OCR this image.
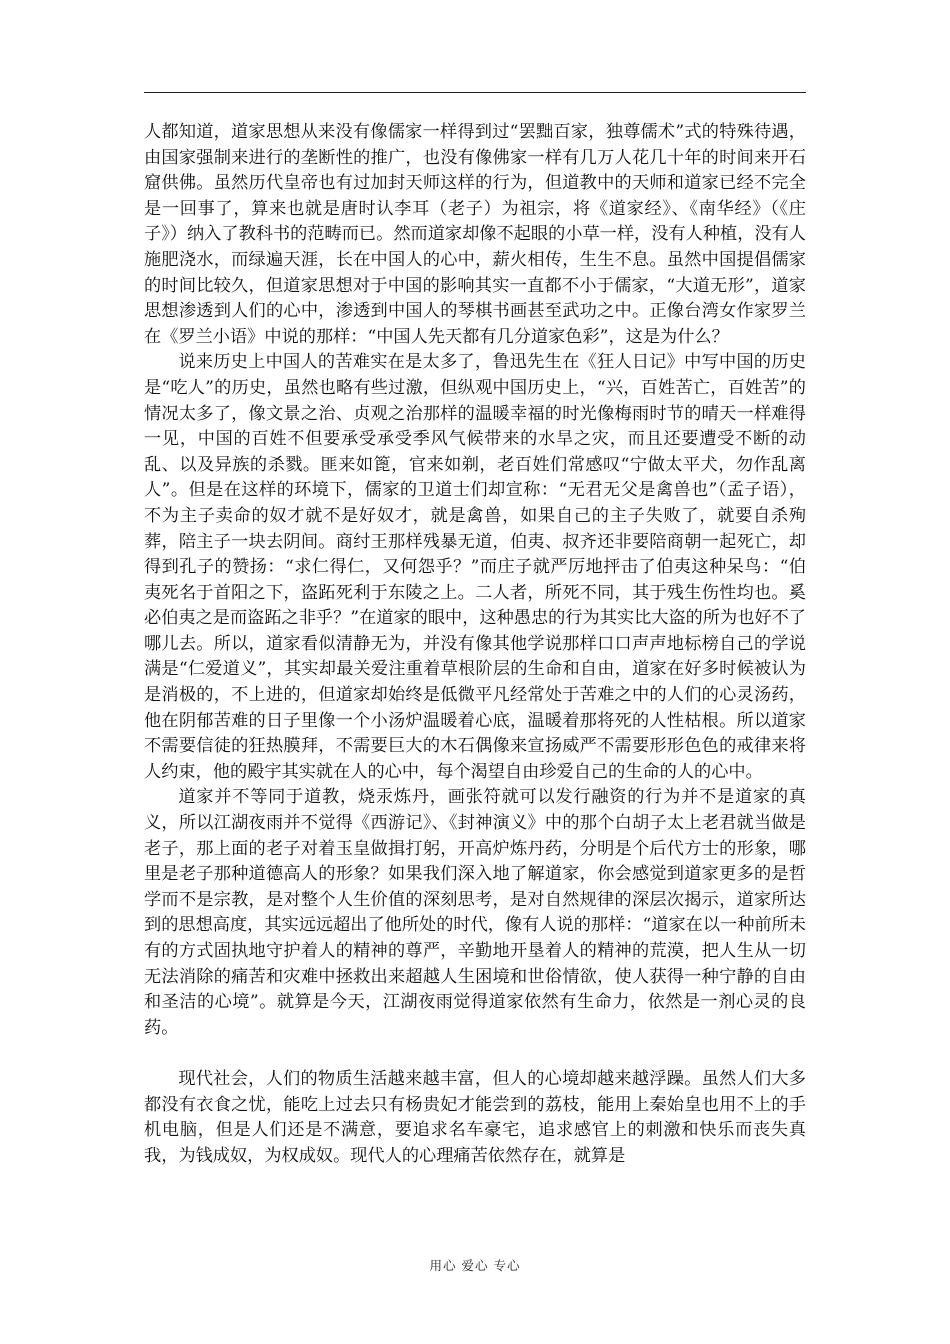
人都知道，道家思想从来没有像儒家一样得到过“罢黜百家，独尊儒术”式的特殊待遇，由国家强制来进行的垄断性的推广，也没有像佛家一样有几万人花几十年的时间来开石窟供佛。虽然历代皇帝也有过加封天师这样的行为，但道教中的天师和道家已经不完全是一回事了，算来也就是唐时认李耳（老子）为祖宗，将《道家经》、《南华经》（《庄子》）纳入了教科书的范畴而已。然而道家却像不起眼的小草一样，没有人种植，没有人施肥浇水，而绿遍天涯，长在中国人的心中，薪火相传，生生不息。虽然中国提倡儒家的时间比较久，但道家思想对于中国的影响其实一直都不小于儒家，“大道无形”，道家思想渗透到人们的心中，渗透到中国人的琴棋书画甚至武功之中。正像台湾女作家罗兰在《罗兰小语》中说的那样：“中国人先天都有几分道家色彩”，这是为什么？

说来历史上中国人的苦难实在是太多了，鲁迅先生在《狂人日记》中写中国的历史是“吃人”的历史，虽然也略有些过激，但纵观中国历史上，“兴，百姓苦亡，百姓苦”的情况太多了，像文景之治、贞观之治那样的温暖幸福的时光像梅雨时节的晴天一样难得一见，中国的百姓不但要承受承受季风气候带来的水旱之灾，而且还要遭受不断的动乱、以及异族的杀戮。匪来如篦，官来如剃，老百姓们常感叹“宁做太平犬，勿作乱离人”。但是在这样的环境下，儒家的卫道士们却宣称：“无君无父是禽兽也”（孟子语），不为主子卖命的奴才就不是好奴才，就是禽兽，如果自己的主子失败了，就要自杀殉葬，陪主子一块去阴间。商纣王那样残暴无道，伯夷、叔齐还非要陪商朝一起死亡，却得到孔子的赞扬：“求仁得仁，又何怨乎？”而庄子就严厉地抨击了伯夷这种呆鸟：“伯夷死名于首阳之下，盗跖死利于东陵之上。二人者，所死不同，其于残生伤性均也。奚必伯夷之是而盗跖之非乎？”在道家的眼中，这种愚忠的行为其实比大盗的所为也好不了哪儿去。所以，道家看似清静无为，并没有像其他学说那样口口声声地标榜自己的学说满是“仁爱道义”，其实却最关爱注重着草根阶层的生命和自由，道家在好多时候被认为是消极的，不上进的，但道家却始终是低微平凡经常处于苦难之中的人们的心灵汤药，他在阴郁苦难的日子里像一个小汤炉温暖着心底，温暖着那将死的人性枯根。所以道家不需要信徒的狂热膜拜，不需要巨大的木石偶像来宣扬威严不需要形形色色的戒律来将人约束，他的殿宇其实就在人的心中，每个渴望自由珍爱自己的生命的人的心中。

道家并不等同于道教，烧汞炼丹，画张符就可以发行融资的行为并不是道家的真义，所以江湖夜雨并不觉得《西游记》、《封神演义》中的那个白胡子太上老君就当做是老子，那上面的老子对着玉皇做揖打躬，开高炉炼丹药，分明是个后代方士的形象，哪里是老子那种道德高人的形象？如果我们深入地了解道家，你会感觉到道家更多的是哲学而不是宗教，是对整个人生价值的深刻思考，是对自然规律的深层次揭示，道家所达到的思想高度，其实远远超出了他所处的时代，像有人说的那样：“道家在以一种前所未有的方式固执地守护着人的精神的尊严，辛勤地开垦着人的精神的荒漠，把人生从一切无法消除的痛苦和灾难中拯救出来超越人生困境和世俗情欲，使人获得一种宁静的自由和圣洁的心境”。就算是今天，江湖夜雨觉得道家依然有生命力，依然是一剂心灵的良药。

现代社会，人们的物质生活越来越丰富，但人的心境却越来越浮躁。虽然人们大多都没有衣食之忧，能吃上过去只有杨贵妃才能尝到的荔枝，能用上秦始皇也用不上的手机电脑，但是人们还是不满意，要追求名车豪宅，追求感官上的刺激和快乐而丧失真我，为钱成奴，为权成奴。现代人的心理痛苦依然存在，就算是

用心 爱心 专心
